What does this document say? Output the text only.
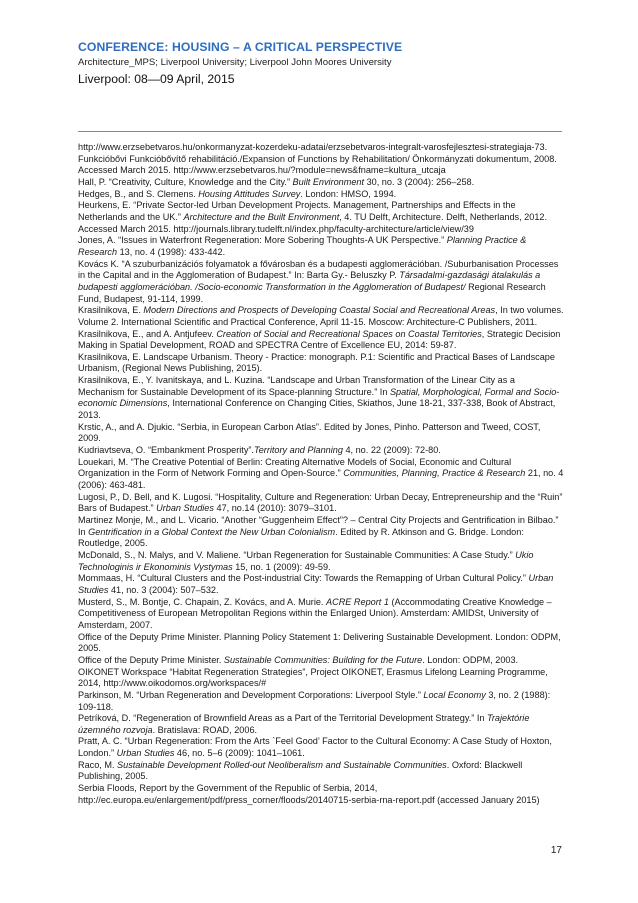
CONFERENCE: HOUSING – A CRITICAL PERSPECTIVE
Architecture_MPS; Liverpool University; Liverpool John Moores University
Liverpool: 08—09 April, 2015

http://www.erzsebetvaros.hu/onkormanyzat-kozerdeku-adatai/erzsebetvaros-integralt-varosfejlesztesi-strategiaja-73.

Funkcióbővi Funkcióbővítő rehabilitáció./Expansion of Functions by Rehabilitation/ Önkormányzati dokumentum, 2008. Accessed March 2015. http://www.erzsebetvaros.hu/?module=news&fname=kultura_utcaja

Hall, P. “Creativity, Culture, Knowledge and the City.” Built Environment 30, no. 3 (2004): 256–258.

Hedges, B., and S. Clemens. Housing Attitudes Survey. London: HMSO, 1994.

Heurkens, E. “Private Sector-led Urban Development Projects. Management, Partnerships and Effects in the Netherlands and the UK.” Architecture and the Built Environment, 4. TU Delft, Architecture. Delft, Netherlands, 2012. Accessed March 2015. http://journals.library.tudelft.nl/index.php/faculty-architecture/article/view/39

Jones, A. “Issues in Waterfront Regeneration: More Sobering Thoughts-A UK Perspective.” Planning Practice & Research 13, no. 4 (1998): 433-442.

Kovács K. “A szuburbanizációs folyamatok a fővárosban és a budapesti agglomerációban. /Suburbanisation Processes in the Capital and in the Agglomeration of Budapest.” In: Barta Gy.- Beluszky P. Társadalmi-gazdasági átalakulás a budapesti agglomerációban. /Socio-economic Transformation in the Agglomeration of Budapest/ Regional Research Fund, Budapest, 91-114, 1999.

Krasilnikova, E. Modern Directions and Prospects of Developing Coastal Social and Recreational Areas, In two volumes. Volume 2. International Scientific and Practical Conference, April 11-15. Moscow: Architecture-C Publishers, 2011.

Krasilnikova, E., and A. Antjufeev. Creation of Social and Recreational Spaces on Coastal Territories, Strategic Decision Making in Spatial Development, ROAD and SPECTRA Centre of Excellence EU, 2014: 59-87.

Krasilnikova, E. Landscape Urbanism. Theory - Practice: monograph. P.1: Scientific and Practical Bases of Landscape Urbanism, (Regional News Publishing, 2015).

Krasilnikova, E., Y. Ivanitskaya, and L. Kuzina. “Landscape and Urban Transformation of the Linear City as a Mechanism for Sustainable Development of its Space-planning Structure.” In Spatial, Morphological, Formal and Socio-economic Dimensions, International Conference on Changing Cities, Skiathos, June 18-21, 337-338, Book of Abstract, 2013.

Krstic, A., and A. Djukic. “Serbia, in European Carbon Atlas”. Edited by Jones, Pinho. Patterson and Tweed, COST, 2009.

Kudriavtseva, O. “Embankment Prosperity”.Territory and Planning 4, no. 22 (2009): 72-80.

Louekari, M. “The Creative Potential of Berlin: Creating Alternative Models of Social, Economic and Cultural Organization in the Form of Network Forming and Open-Source.” Communities, Planning, Practice & Research 21, no. 4 (2006): 463-481.

Lugosi, P., D. Bell, and K. Lugosi. “Hospitality, Culture and Regeneration: Urban Decay, Entrepreneurship and the “Ruin” Bars of Budapest.” Urban Studies 47, no.14 (2010): 3079–3101.

Martinez Monje, M., and L. Vicario. “Another “Guggenheim Effect”? – Central City Projects and Gentrification in Bilbao.” In Gentrification in a Global Context the New Urban Colonialism. Edited by R. Atkinson and G. Bridge. London: Routledge, 2005.

McDonald, S., N. Malys, and V. Maliene. “Urban Regeneration for Sustainable Communities: A Case Study.” Ukio Technologinis ir Ekonominis Vystymas 15, no. 1 (2009): 49-59.

Mommaas, H. “Cultural Clusters and the Post-industrial City: Towards the Remapping of Urban Cultural Policy.” Urban Studies 41, no. 3 (2004): 507–532.

Musterd, S., M. Bontje, C. Chapain, Z. Kovács, and A. Murie. ACRE Report 1 (Accommodating Creative Knowledge – Competitiveness of European Metropolitan Regions within the Enlarged Union). Amsterdam: AMIDSt, University of Amsterdam, 2007.

Office of the Deputy Prime Minister. Planning Policy Statement 1: Delivering Sustainable Development. London: ODPM, 2005.

Office of the Deputy Prime Minister. Sustainable Communities: Building for the Future. London: ODPM, 2003.

OIKONET Workspace “Habitat Regeneration Strategies”, Project OIKONET, Erasmus Lifelong Learning Programme, 2014, http://www.oikodomos.org/workspaces/#

Parkinson, M. “Urban Regeneration and Development Corporations: Liverpool Style.” Local Economy 3, no. 2 (1988): 109-118.

Petríková, D. “Regeneration of Brownfield Areas as a Part of the Territorial Development Strategy.” In Trajektórie územného rozvoja. Bratislava: ROAD, 2006.

Pratt, A. C. “Urban Regeneration: From the Arts `Feel Good’ Factor to the Cultural Economy: A Case Study of Hoxton, London.” Urban Studies 46, no. 5–6 (2009): 1041–1061.

Raco, M. Sustainable Development Rolled-out Neoliberalism and Sustainable Communities. Oxford: Blackwell Publishing, 2005.

Serbia Floods, Report by the Government of the Republic of Serbia, 2014, http://ec.europa.eu/enlargement/pdf/press_corner/floods/20140715-serbia-rna-report.pdf (accessed January 2015)

17
